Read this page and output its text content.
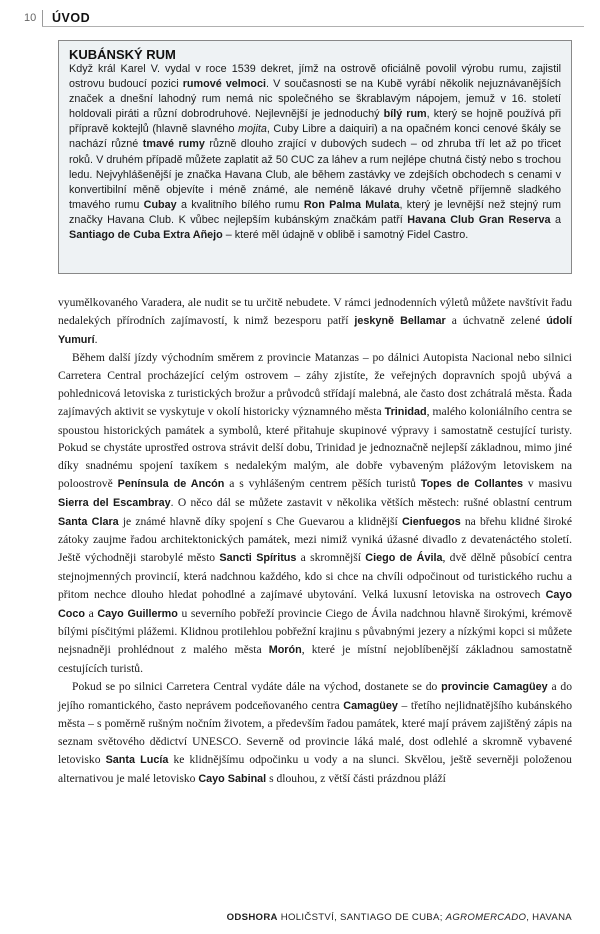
10 ÚVOD
KUBÁNSKÝ RUM

Když král Karel V. vydal v roce 1539 dekret, jímž na ostrově oficiálně povolil výrobu rumu, zajistil ostrovu budoucí pozici rumové velmoci. V současnosti se na Kubě vyrábí několik nejuznávanějších značek a dnešní lahodný rum nemá nic společného se škrablavým nápojem, jemuž v 16. století holdovali piráti a různí dobrodruhové. Nejlevnější je jednoduchý bílý rum, který se hojně používá při přípravě koktejlů (hlavně slavného mojita, Cuby Libre a daiquiri) a na opačném konci cenové škály se nachází různé tmavé rumy různě dlouho zrající v dubových sudech – od zhruba tří let až po třicet roků. V druhém případě můžete zaplatit až 50 CUC za láhev a rum nejlépe chutná čistý nebo s trochou ledu. Nejvyhlášenější je značka Havana Club, ale během zastávky ve zdejších obchodech s cenami v konvertibilní měně objevíte i méně známé, ale neméně lákavé druhy včetně příjemně sladkého tmavého rumu Cubay a kvalitního bílého rumu Ron Palma Mulata, který je levnější než stejný rum značky Havana Club. K vůbec nejlepším kubánským značkám patří Havana Club Gran Reserva a Santiago de Cuba Extra Añejo – které měl údajně v oblibě i samotný Fidel Castro.

vyumělkovaného Varadera, ale nudit se tu určitě nebudete. V rámci jednodenních výletů můžete navštívit řadu nedalekých přírodních zajímavostí, k nimž bezesporu patří jeskyně Bellamar a úchvatně zelené údolí Yumurí.

Během další jízdy východním směrem z provincie Matanzas – po dálnici Autopista Nacional nebo silnici Carretera Central procházející celým ostrovem – záhy zjistíte, že veřejných dopravních spojů ubývá a pohlednicová letoviska z turistických brožur a průvodců střídají malebná, ale často dost zchátralá města. Řada zajímavých aktivit se vyskytuje v okolí historicky významného města Trinidad, malého koloniálního centra se spoustou historických památek a symbolů, které přitahuje skupinové výpravy i samostatně cestující turisty. Pokud se chystáte uprostřed ostrova strávit delší dobu, Trinidad je jednoznačně nejlepší základnou, mimo jiné díky snadnému spojení taxíkem s nedalekým malým, ale dobře vybaveným plážovým letoviskem na poloostrově Península de Ancón a s vyhlášeným centrem pěších turistů Topes de Collantes v masivu Sierra del Escambray. O něco dál se můžete zastavit v několika větších městech: rušné oblastní centrum Santa Clara je známé hlavně díky spojení s Che Guevarou a klidnější Cienfuegos na břehu klidné široké zátoky zaujme řadou architektonických památek, mezi nimiž vyniká úžasné divadlo z devatenáctého století. Ještě východněji starobylé město Sancti Spíritus a skromnější Ciego de Ávila, dvě dělně působící centra stejnojmenných provincií, která nadchnou každého, kdo si chce na chvíli odpočinout od turistického ruchu a přitom nechce dlouho hledat pohodlné a zajímavé ubytování. Velká luxusní letoviska na ostrovech Cayo Coco a Cayo Guillermo u severního pobřeží provincie Ciego de Ávila nadchnou hlavně širokými, krémově bílými písčitými plážemi. Klidnou protilehlou pobřežní krajinu s půvabnými jezery a nízkými kopci si můžete nejsnadněji prohlédnout z malého města Morón, které je místní nejoblíbenější základnou samostatně cestujících turistů.

Pokud se po silnici Carretera Central vydáte dále na východ, dostanete se do provincie Camagüey a do jejího romantického, často neprávem podceňovaného centra Camagüey – třetího nejlidnatějšího kubánského města – s poměrně rušným nočním životem, a především řadou památek, které mají právem zajištěný zápis na seznam světového dědictví UNESCO. Severně od provincie láká malé, dost odlehlé a skromně vybavené letovisko Santa Lucía ke klidnějšímu odpočinku u vody a na slunci. Skvělou, ještě severněji položenou alternativou je malé letovisko Cayo Sabinal s dlouhou, z větší části prázdnou pláží

ODSHORA HOLIČSTVÍ, SANTIAGO DE CUBA; AGROMERCADO, HAVANA
